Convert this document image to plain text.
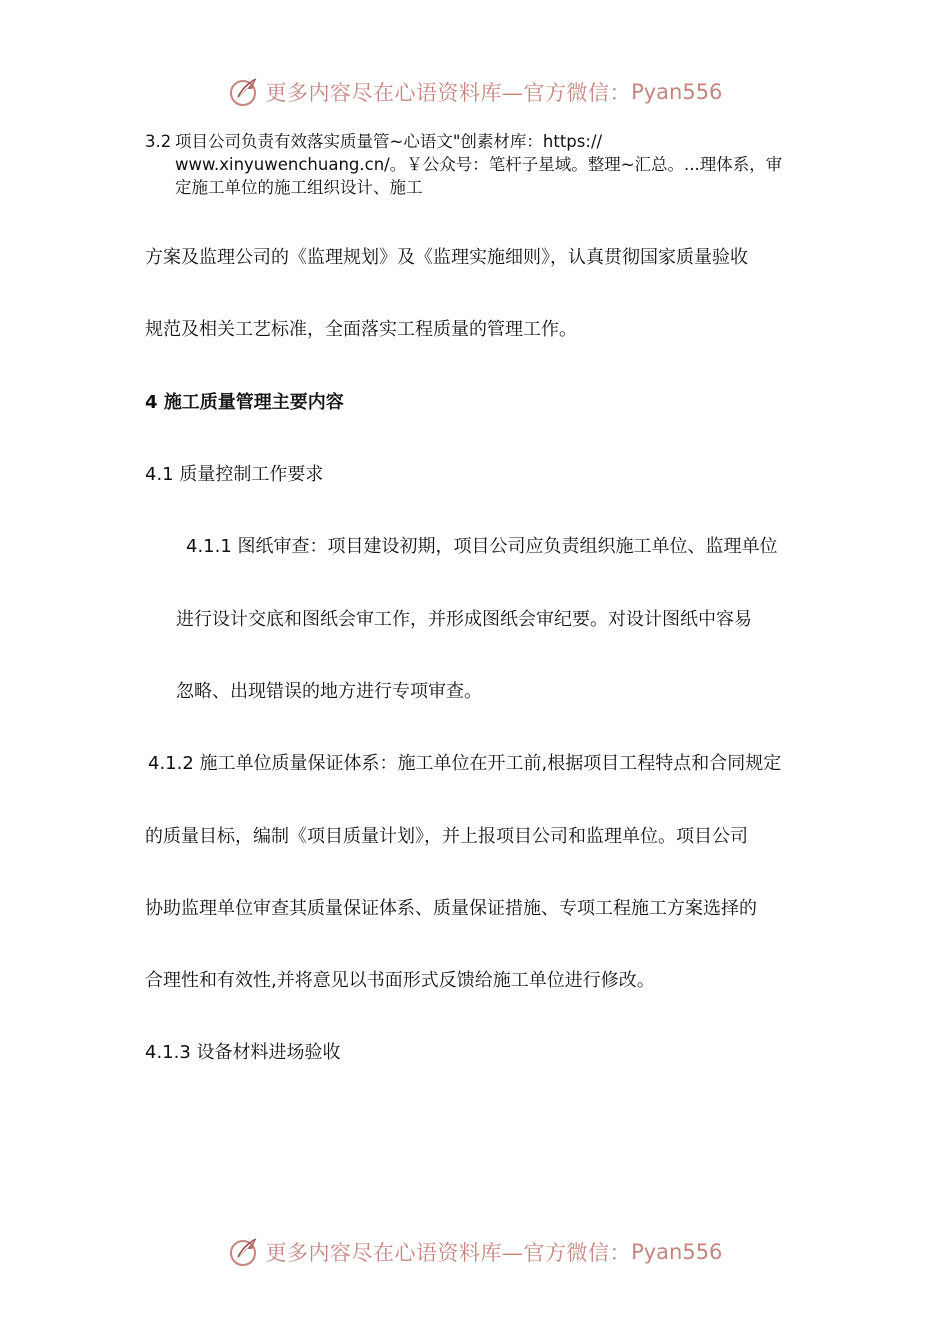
更多内容尽在心语资料库—官方微信： Pyan556
3.2 项目公司负责有效落实质量管~心语文"创素材库：https://
www.xinyuwenchuang.cn/。￥公众号：笔杆子星域。整理~汇总。...理体系，审
定施工单位的施工组织设计、施工
方案及监理公司的《监理规划》及《监理实施细则》，认真贯彻国家质量验收
规范及相关工艺标准，全面落实工程质量的管理工作。
4 施工质量管理主要内容
4.1 质量控制工作要求
4.1.1 图纸审查：项目建设初期，项目公司应负责组织施工单位、监理单位
进行设计交底和图纸会审工作，并形成图纸会审纪要。对设计图纸中容易
忽略、出现错误的地方进行专项审查。
4.1.2 施工单位质量保证体系：施工单位在开工前,根据项目工程特点和合同规定
的质量目标，编制《项目质量计划》，并上报项目公司和监理单位。项目公司
协助监理单位审查其质量保证体系、质量保证措施、专项工程施工方案选择的
合理性和有效性,并将意见以书面形式反馈给施工单位进行修改。
4.1.3 设备材料进场验收
更多内容尽在心语资料库—官方微信： Pyan556
